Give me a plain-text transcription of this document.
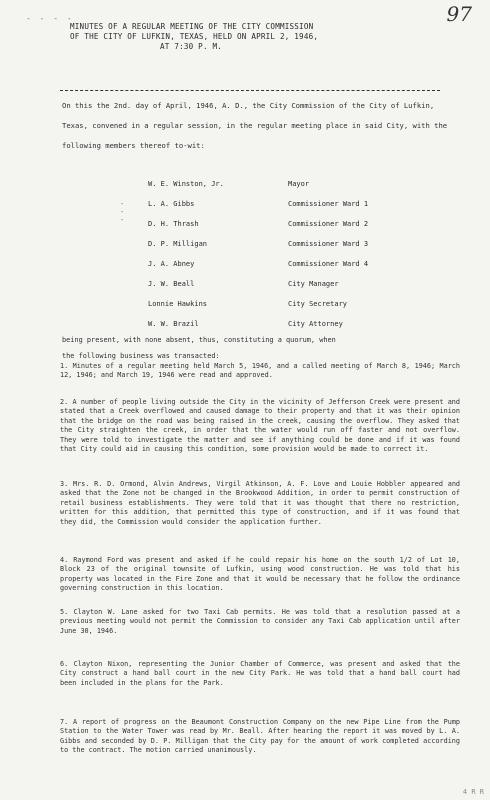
- - - -	97
MINUTES OF A REGULAR MEETING OF THE CITY COMMISSION
OF THE CITY OF LUFKIN, TEXAS, HELD ON APRIL 2, 1946,
AT 7:30 P. M.
On this the 2nd. day of April, 1946, A. D., the City Commission of the City of Lufkin, Texas, convened in a regular session, in the regular meeting place in said City, with the following members thereof to-wit:
W. E. Winston, Jr.	Mayor
- - -
L. A. Gibbs	Commissioner Ward 1
D. H. Thrash	Commissioner Ward 2
D. P. Milligan	Commissioner Ward 3
J. A. Abney	Commissioner Ward 4
J. W. Beall	City Manager
Lonnie Hawkins	City Secretary
W. W. Brazil	City Attorney
being present, with none absent, thus, constituting a quorum, when
the following business was transacted:
1. Minutes of a regular meeting held March 5, 1946, and a called meeting of March 8, 1946; March 12, 1946; and March 19, 1946 were read and approved.
2. A number of people living outside the City in the vicinity of Jefferson Creek were present and stated that a Creek overflowed and caused damage to their property and that it was their opinion that the bridge on the road was being raised in the creek, causing the overflow. They asked that the City straighten the creek, in order that the water would run off faster and not overflow. They were told to investigate the matter and see if anything could be done and if it was found that City could aid in causing this condition, some provision would be made to correct it.
3. Mrs. R. D. Ormond, Alvin Andrews, Virgil Atkinson, A. F. Love and Louie Hobbler appeared and asked that the Zone not be changed in the Brookwood Addition, in order to permit construction of retail business establishments. They were told that it was thought that there no restriction, written for this addition, that permitted this type of construction, and if it was found that they did, the Commission would consider the application further.
4. Raymond Ford was present and asked if he could repair his home on the south 1/2 of Lot 10, Block 23 of the original townsite of Lufkin, using wood construction. He was told that his property was located in the Fire Zone and that it would be necessary that he follow the ordinance governing construction in this location.
5. Clayton W. Lane asked for two Taxi Cab permits. He was told that a resolution passed at a previous meeting would not permit the Commission to consider any Taxi Cab application until after June 30, 1946.
6. Clayton Nixon, representing the Junior Chamber of Commerce, was present and asked that the City construct a hand ball court in the new City Park. He was told that a hand ball court had been included in the plans for the Park.
7. A report of progress on the Beaumont Construction Company on the new Pipe Line from the Pump Station to the Water Tower was read by Mr. Beall. After hearing the report it was moved by L. A. Gibbs and seconded by D. P. Milligan that the City pay for the amount of work completed according to the contract. The motion carried unanimously.
4 R R
